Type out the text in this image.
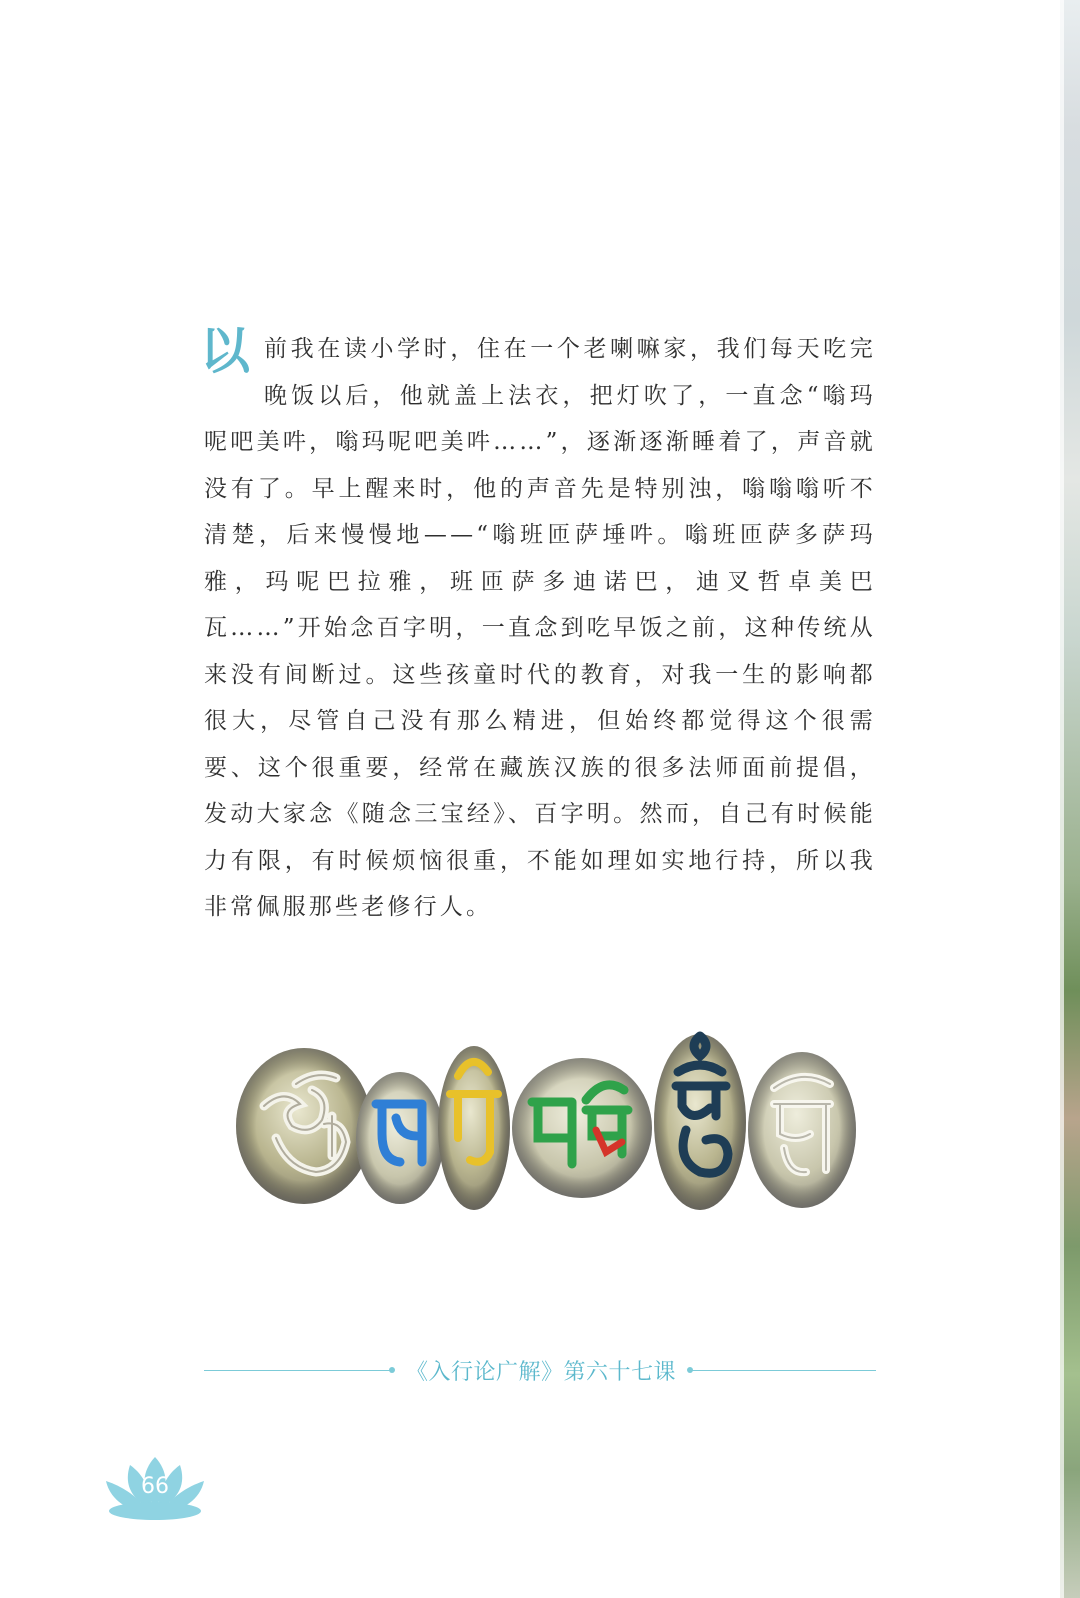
以前我在读小学时，住在一个老喇嘛家，我们每天吃完晚饭以后，他就盖上法衣，把灯吹了，一直念“嗡玛呢吧美吽，嗡玛呢吧美吽……”，逐渐逐渐睡着了，声音就没有了。早上醒来时，他的声音先是特别浊，嗡嗡嗡听不清楚，后来慢慢地——“嗡班匝萨埵吽。嗡班匝萨多萨玛雅，玛呢巴拉雅，班匝萨多迪诺巴，迪叉哲卓美巴瓦……”开始念百字明，一直念到吃早饭之前，这种传统从来没有间断过。这些孩童时代的教育，对我一生的影响都很大，尽管自己没有那么精进，但始终都觉得这个很需要、这个很重要，经常在藏族汉族的很多法师面前提倡，发动大家念《随念三宝经》、百字明。然而，自己有时候能力有限，有时候烦恼很重，不能如理如实地行持，所以我非常佩服那些老修行人。
《入行论广解》第六十七课
66
